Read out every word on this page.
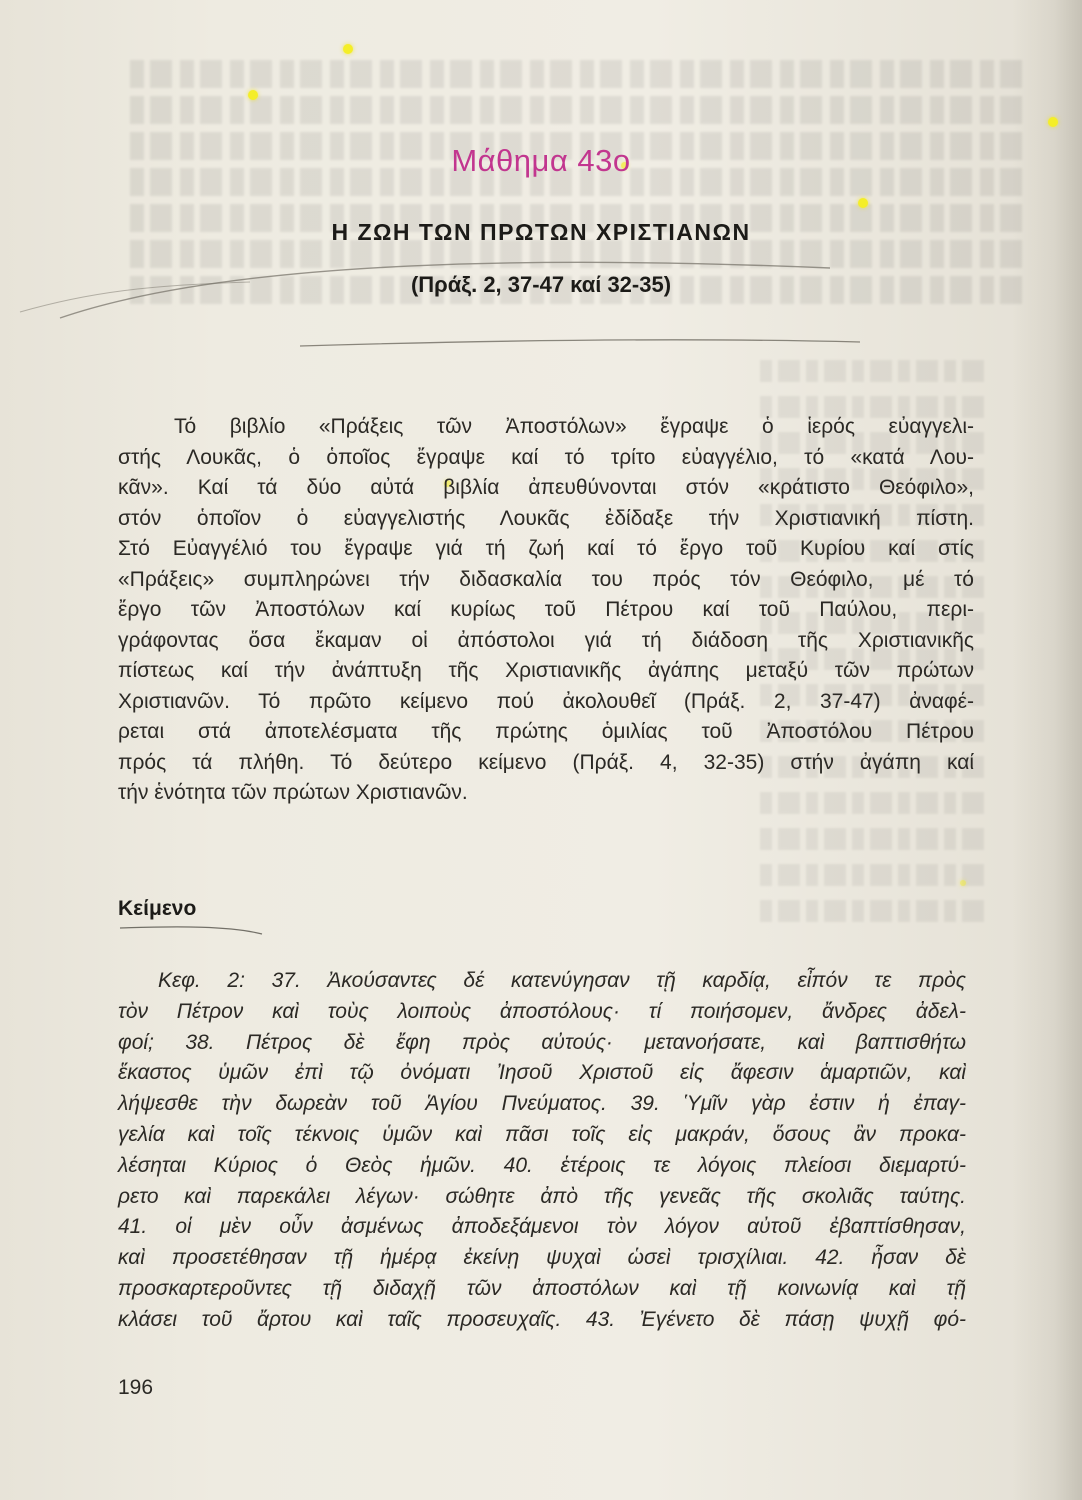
Μάθημα 43ο
Η ΖΩΗ ΤΩΝ ΠΡΩΤΩΝ ΧΡΙΣΤΙΑΝΩΝ
(Πράξ. 2, 37-47 καί 32-35)
Τό βιβλίο «Πράξεις τῶν Ἀποστόλων» ἔγραψε ὁ ἱερός εὐαγγελι-
στής Λουκᾶς, ὁ ὁποῖος ἔγραψε καί τό τρίτο εὐαγγέλιο, τό «κατά Λου-
κᾶν». Καί τά δύο αὐτά βιβλία ἀπευθύνονται στόν «κράτιστο Θεόφιλο»,
στόν ὁποῖον ὁ εὐαγγελιστής Λουκᾶς ἐδίδαξε τήν Χριστιανική πίστη.
Στό Εὐαγγέλιό του ἔγραψε γιά τή ζωή καί τό ἔργο τοῦ Κυρίου καί στίς
«Πράξεις» συμπληρώνει τήν διδασκαλία του πρός τόν Θεόφιλο, μέ τό
ἔργο τῶν Ἀποστόλων καί κυρίως τοῦ Πέτρου καί τοῦ Παύλου, περι-
γράφοντας ὅσα ἔκαμαν οἱ ἀπόστολοι γιά τή διάδοση τῆς Χριστιανικῆς
πίστεως καί τήν ἀνάπτυξη τῆς Χριστιανικῆς ἀγάπης μεταξύ τῶν πρώτων
Χριστιανῶν. Τό πρῶτο κείμενο πού ἀκολουθεῖ (Πράξ. 2, 37-47) ἀναφέ-
ρεται στά ἀποτελέσματα τῆς πρώτης ὁμιλίας τοῦ Ἀποστόλου Πέτρου
πρός τά πλήθη. Τό δεύτερο κείμενο (Πράξ. 4, 32-35) στήν ἀγάπη καί
τήν ἑνότητα τῶν πρώτων Χριστιανῶν.
Κείμενο
Κεφ. 2: 37. Ἀκούσαντες δέ κατενύγησαν τῇ καρδίᾳ, εἶπόν τε πρὸς
τὸν Πέτρον καὶ τοὺς λοιποὺς ἀποστόλους· τί ποιήσομεν, ἄνδρες ἀδελ-
φοί; 38. Πέτρος δὲ ἔφη πρὸς αὐτούς· μετανοήσατε, καὶ βαπτισθήτω
ἕκαστος ὑμῶν ἐπὶ τῷ ὀνόματι Ἰησοῦ Χριστοῦ εἰς ἄφεσιν ἁμαρτιῶν, καὶ
λήψεσθε τὴν δωρεὰν τοῦ Ἁγίου Πνεύματος. 39. Ὑμῖν γὰρ ἐστιν ἡ ἐπαγ-
γελία καὶ τοῖς τέκνοις ὑμῶν καὶ πᾶσι τοῖς εἰς μακράν, ὅσους ἂν προκα-
λέσηται Κύριος ὁ Θεὸς ἡμῶν. 40. ἑτέροις τε λόγοις πλείοσι διεμαρτύ-
ρετο καὶ παρεκάλει λέγων· σώθητε ἀπὸ τῆς γενεᾶς τῆς σκολιᾶς ταύτης.
41. οἱ μὲν οὖν ἀσμένως ἀποδεξάμενοι τὸν λόγον αὐτοῦ ἐβαπτίσθησαν,
καὶ προσετέθησαν τῇ ἡμέρᾳ ἐκείνῃ ψυχαὶ ὡσεὶ τρισχίλιαι. 42. ἦσαν δὲ
προσκαρτεροῦντες τῇ διδαχῇ τῶν ἀποστόλων καὶ τῇ κοινωνίᾳ καὶ τῇ
κλάσει τοῦ ἄρτου καὶ ταῖς προσευχαῖς. 43. Ἐγένετο δὲ πάσῃ ψυχῇ φό-
196
